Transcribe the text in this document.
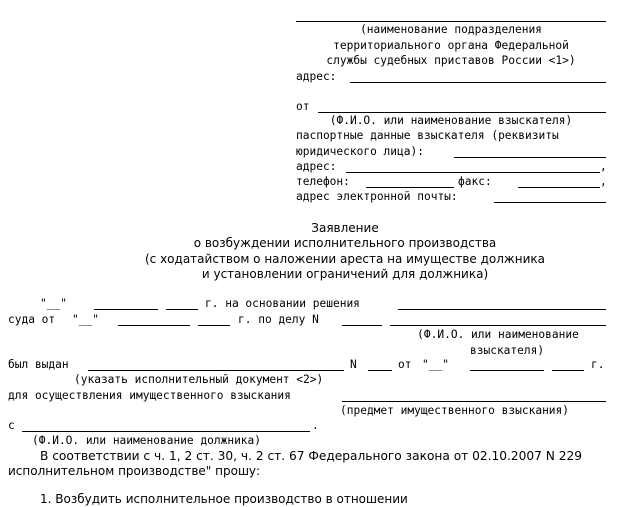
(наименование подразделения
территориального органа Федеральной
службы судебных приставов России <1>)
адрес:
от
(Ф.И.О. или наименование взыскателя)
паспортные данные взыскателя (реквизиты
юридического лица):
адрес:	,
телефон:	факс:	,
адрес электронной почты:
Заявление
о возбуждении исполнительного производства
(с ходатайством о наложении ареста на имуществе должника
и установлении ограничений для должника)
"__"	г. на основании решения
суда от "__"	г. по делу N
(Ф.И.О. или наименование
взыскателя)
был выдан	N	от "__"	г.
(указать исполнительный документ <2>)
для осуществления имущественного взыскания
(предмет имущественного взыскания)
с	.
(Ф.И.О. или наименование должника)
В соответствии с ч. 1, 2 ст. 30, ч. 2 ст. 67 Федерального закона от 02.10.2007 N 229
исполнительном производстве" прошу:
1. Возбудить исполнительное производство в отношении
